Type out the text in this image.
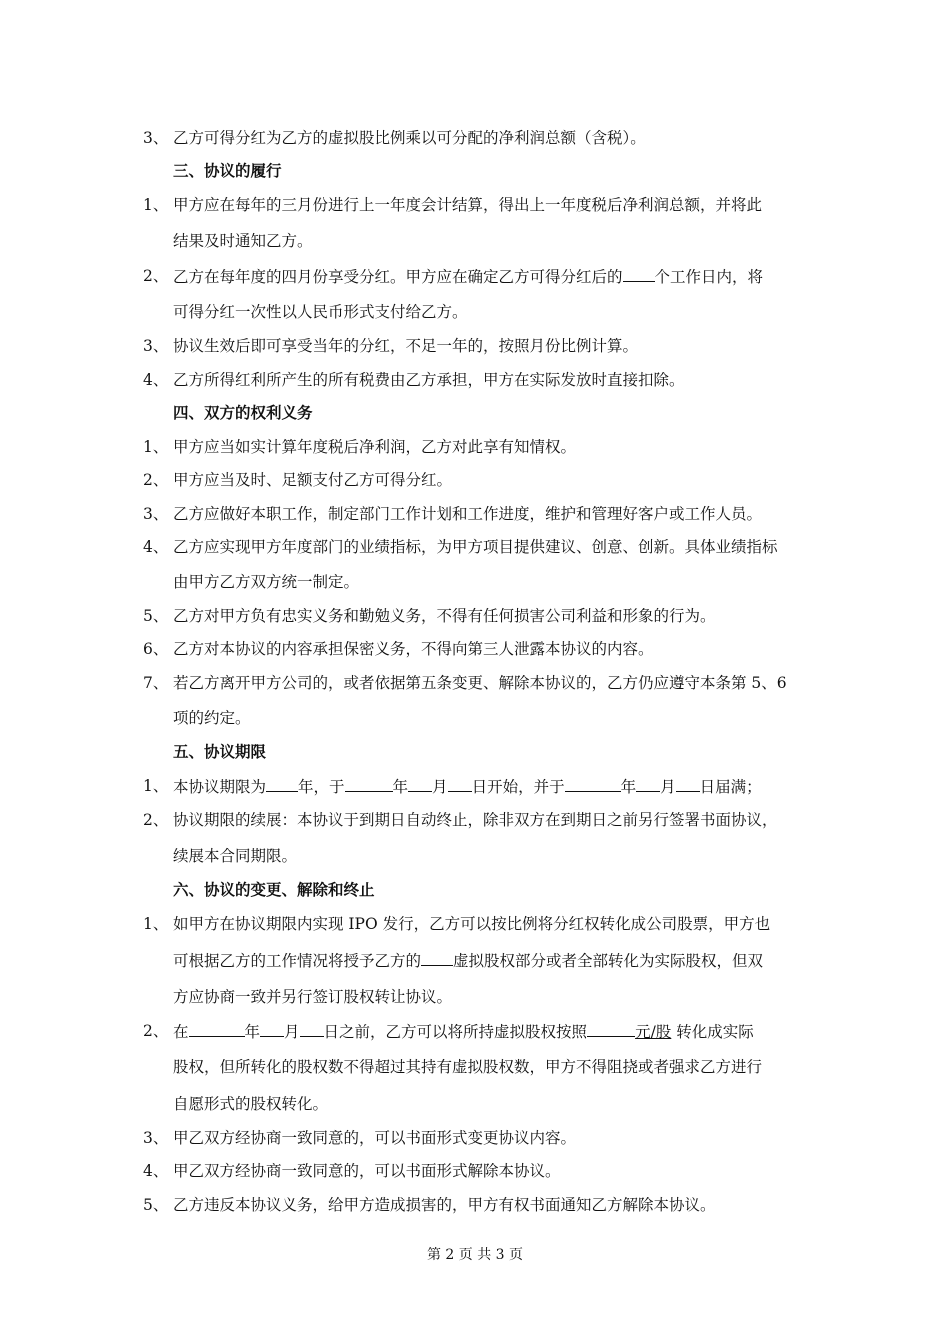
3、 乙方可得分红为乙方的虚拟股比例乘以可分配的净利润总额（含税）。
三、协议的履行
1、 甲方应在每年的三月份进行上一年度会计结算，得出上一年度税后净利润总额，并将此
结果及时通知乙方。
2、 乙方在每年度的四月份享受分红。甲方应在确定乙方可得分红后的 个工作日内，将
可得分红一次性以人民币形式支付给乙方。
3、 协议生效后即可享受当年的分红，不足一年的，按照月份比例计算。
4、 乙方所得红利所产生的所有税费由乙方承担，甲方在实际发放时直接扣除。
四、双方的权利义务
1、 甲方应当如实计算年度税后净利润，乙方对此享有知情权。
2、 甲方应当及时、足额支付乙方可得分红。
3、 乙方应做好本职工作，制定部门工作计划和工作进度，维护和管理好客户或工作人员。
4、 乙方应实现甲方年度部门的业绩指标，为甲方项目提供建议、创意、创新。具体业绩指标
由甲方乙方双方统一制定。
5、 乙方对甲方负有忠实义务和勤勉义务，不得有任何损害公司利益和形象的行为。
6、 乙方对本协议的内容承担保密义务，不得向第三人泄露本协议的内容。
7、 若乙方离开甲方公司的，或者依据第五条变更、解除本协议的，乙方仍应遵守本条第 5、6
项的约定。
五、协议期限
1、 本协议期限为 年，于	年 月 日开始，并于	年 月 日届满；
2、 协议期限的续展：本协议于到期日自动终止，除非双方在到期日之前另行签署书面协议，
续展本合同期限。
六、协议的变更、解除和终止
1、 如甲方在协议期限内实现 IPO 发行，乙方可以按比例将分红权转化成公司股票，甲方也
可根据乙方的工作情况将授予乙方的 虚拟股权部分或者全部转化为实际股权，但双
方应协商一致并另行签订股权转让协议。
2、 在	年 月 日之前，乙方可以将所持虚拟股权按照	元/股 转化成实际
股权，但所转化的股权数不得超过其持有虚拟股权数，甲方不得阻挠或者强求乙方进行
自愿形式的股权转化。
3、 甲乙双方经协商一致同意的，可以书面形式变更协议内容。
4、 甲乙双方经协商一致同意的，可以书面形式解除本协议。
5、 乙方违反本协议义务，给甲方造成损害的，甲方有权书面通知乙方解除本协议。
第 2 页 共 3 页
